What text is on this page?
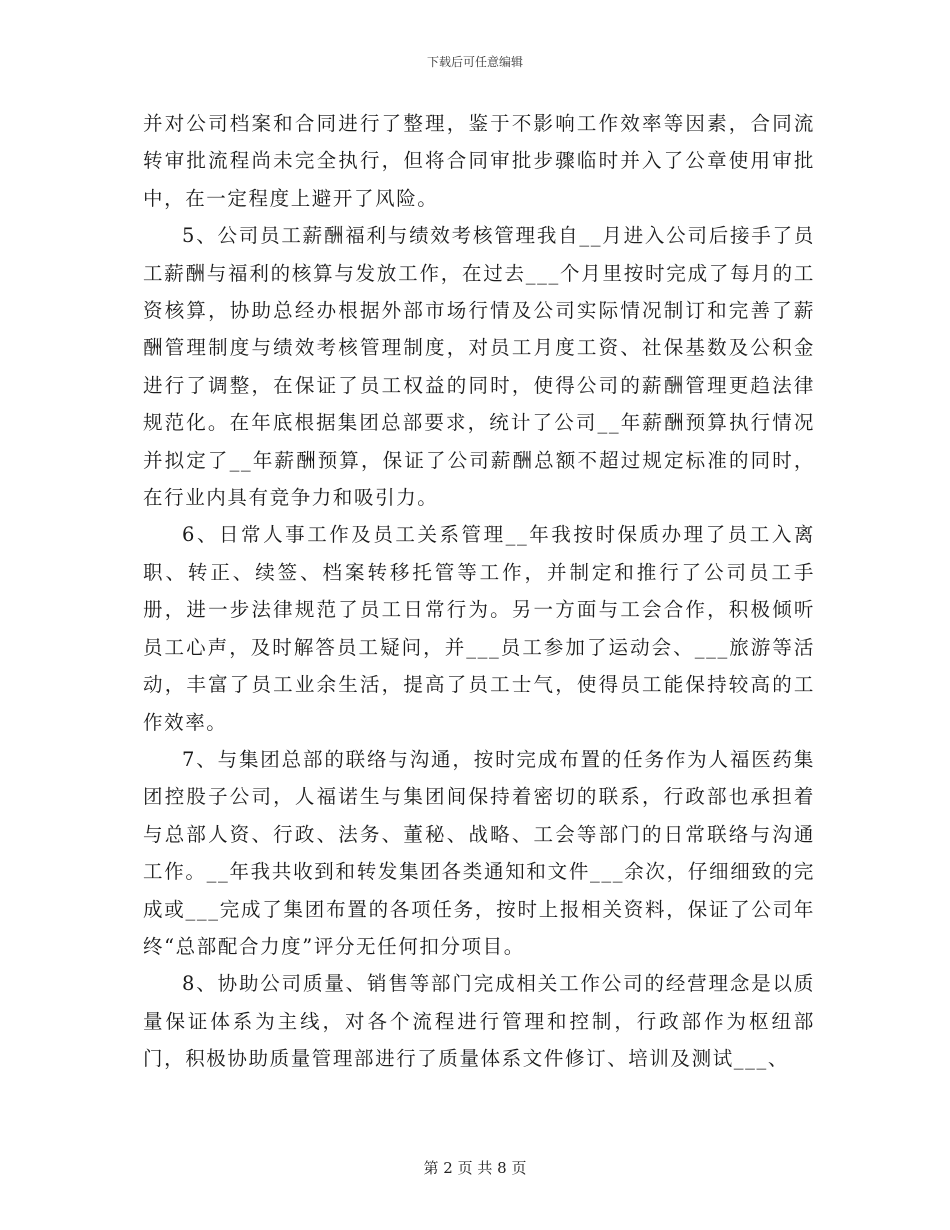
下载后可任意编辑

并对公司档案和合同进行了整理，鉴于不影响工作效率等因素，合同流转审批流程尚未完全执行，但将合同审批步骤临时并入了公章使用审批中，在一定程度上避开了风险。

5、公司员工薪酬福利与绩效考核管理我自__月进入公司后接手了员工薪酬与福利的核算与发放工作，在过去___个月里按时完成了每月的工资核算，协助总经办根据外部市场行情及公司实际情况制订和完善了薪酬管理制度与绩效考核管理制度，对员工月度工资、社保基数及公积金进行了调整，在保证了员工权益的同时，使得公司的薪酬管理更趋法律规范化。在年底根据集团总部要求，统计了公司__年薪酬预算执行情况并拟定了__年薪酬预算，保证了公司薪酬总额不超过规定标准的同时，在行业内具有竞争力和吸引力。

6、日常人事工作及员工关系管理__年我按时保质办理了员工入离职、转正、续签、档案转移托管等工作，并制定和推行了公司员工手册，进一步法律规范了员工日常行为。另一方面与工会合作，积极倾听员工心声，及时解答员工疑问，并___员工参加了运动会、___旅游等活动，丰富了员工业余生活，提高了员工士气，使得员工能保持较高的工作效率。

7、与集团总部的联络与沟通，按时完成布置的任务作为人福医药集团控股子公司，人福诺生与集团间保持着密切的联系，行政部也承担着与总部人资、行政、法务、董秘、战略、工会等部门的日常联络与沟通工作。__年我共收到和转发集团各类通知和文件___余次，仔细细致的完成或___完成了集团布置的各项任务，按时上报相关资料，保证了公司年终“总部配合力度”评分无任何扣分项目。

8、协助公司质量、销售等部门完成相关工作公司的经营理念是以质量保证体系为主线，对各个流程进行管理和控制，行政部作为枢纽部门，积极协助质量管理部进行了质量体系文件修订、培训及测试___、

第 2 页 共 8 页
